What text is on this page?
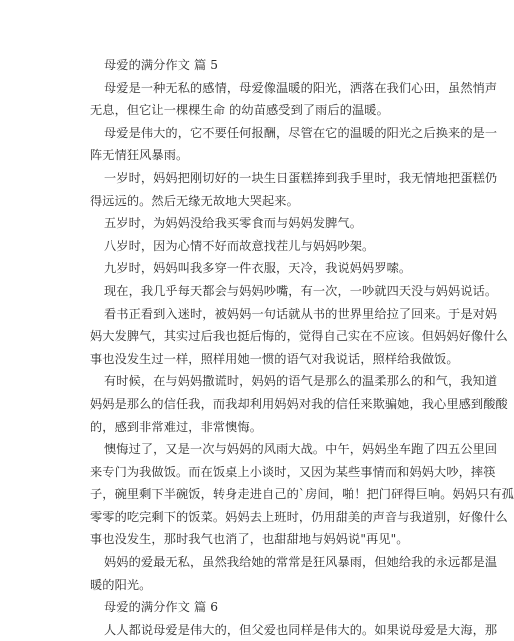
母爱的满分作文 篇 5
母爱是一种无私的感情，母爱像温暖的阳光，洒落在我们心田，虽然悄声
无息，但它让一棵棵生命 的幼苗感受到了雨后的温暖。
母爱是伟大的，它不要任何报酬，尽管在它的温暖的阳光之后换来的是一
阵无情狂风暴雨。
一岁时，妈妈把刚切好的一块生日蛋糕捧到我手里时，我无情地把蛋糕仍
得远远的。然后无缘无故地大哭起来。
五岁时，为妈妈没给我买零食而与妈妈发脾气。
八岁时，因为心情不好而故意找茬儿与妈妈吵架。
九岁时，妈妈叫我多穿一件衣服，天冷，我说妈妈罗嗦。
现在，我几乎每天都会与妈妈吵嘴，有一次，一吵就四天没与妈妈说话。
看书正看到入迷时，被妈妈一句话就从书的世界里给拉了回来。于是对妈
妈大发脾气，其实过后我也挺后悔的，觉得自己实在不应该。但妈妈好像什么
事也没发生过一样，照样用她一惯的语气对我说话，照样给我做饭。
有时候，在与妈妈撒谎时，妈妈的语气是那么的温柔那么的和气，我知道
妈妈是那么的信任我，而我却利用妈妈对我的信任来欺骗她，我心里感到酸酸
的，感到非常难过，非常懊悔。
懊悔过了，又是一次与妈妈的风雨大战。中午，妈妈坐车跑了四五公里回
来专门为我做饭。而在饭桌上小谈时，又因为某些事情而和妈妈大吵，摔筷
子，碗里剩下半碗饭，转身走进自己的`房间，啪！把门砰得巨响。妈妈只有孤
零零的吃完剩下的饭菜。妈妈去上班时，仍用甜美的声音与我道别，好像什么
事也没发生，那时我气也消了，也甜甜地与妈妈说"再见"。
妈妈的爱最无私，虽然我给她的常常是狂风暴雨，但她给我的永远都是温
暖的阳光。
母爱的满分作文 篇 6
人人都说母爱是伟大的，但父爱也同样是伟大的。如果说母爱是大海，那
